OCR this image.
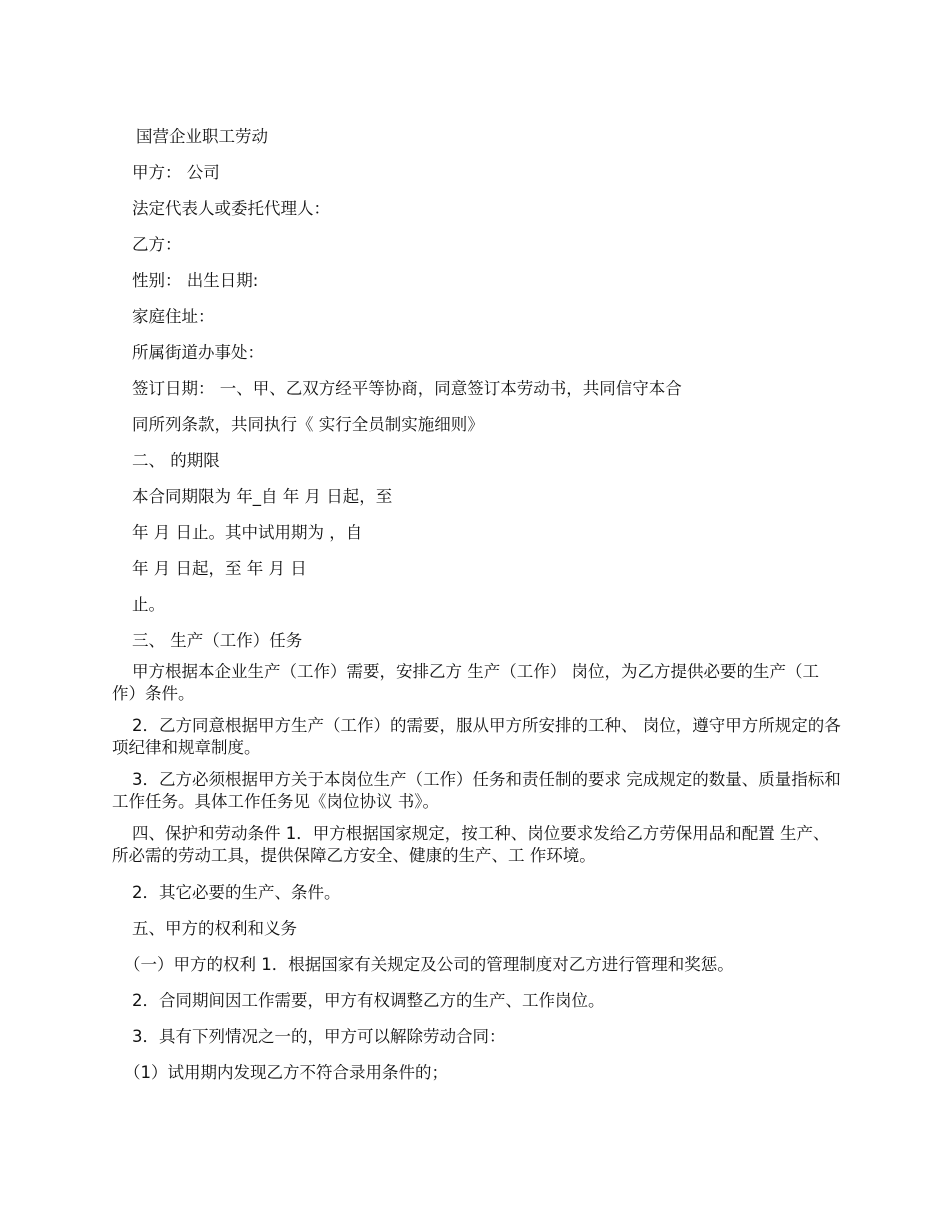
国营企业职工劳动

甲方： 公司

法定代表人或委托代理人：

乙方：

性别： 出生日期:

家庭住址：

所属街道办事处：

签订日期： 一、甲、乙双方经平等协商，同意签订本劳动书，共同信守本合

同所列条款，共同执行《 实行全员制实施细则》

二、 的期限

本合同期限为 年_自 年 月 日起，至

年 月 日止。其中试用期为 ，自

年 月 日起，至 年 月 日

止。

三、 生产（工作）任务

甲方根据本企业生产（工作）需要，安排乙方 生产（工作） 岗位，为乙方提供必要的生产（工作）条件。

2．乙方同意根据甲方生产（工作）的需要，服从甲方所安排的工种、 岗位，遵守甲方所规定的各项纪律和规章制度。

3．乙方必须根据甲方关于本岗位生产（工作）任务和责任制的要求 完成规定的数量、质量指标和工作任务。具体工作任务见《岗位协议 书》。

四、保护和劳动条件 1．甲方根据国家规定，按工种、岗位要求发给乙方劳保用品和配置 生产、所必需的劳动工具，提供保障乙方安全、健康的生产、工 作环境。

2．其它必要的生产、条件。

五、甲方的权利和义务

（一）甲方的权利 1．根据国家有关规定及公司的管理制度对乙方进行管理和奖惩。

2．合同期间因工作需要，甲方有权调整乙方的生产、工作岗位。

3．具有下列情况之一的，甲方可以解除劳动合同：

（1）试用期内发现乙方不符合录用条件的；
